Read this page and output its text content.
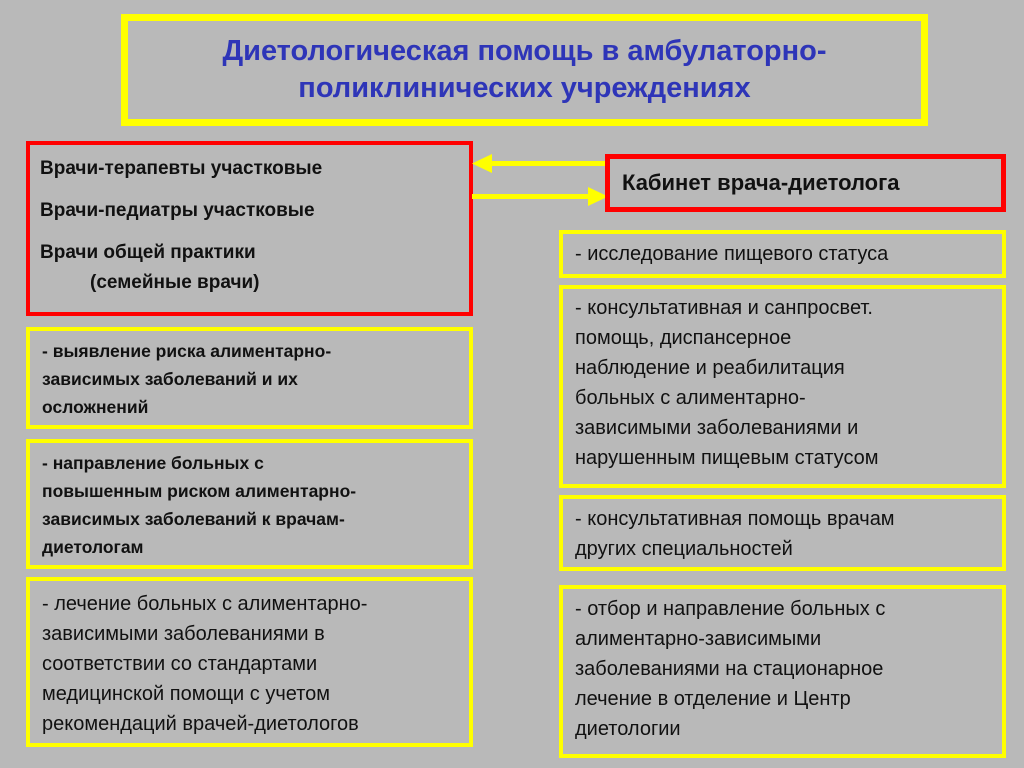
Диетологическая помощь в амбулаторно-
поликлинических учреждениях
Врачи-терапевты участковые
Врачи-педиатры участковые
Врачи общей практики
(семейные врачи)
Кабинет врача-диетолога
- выявление риска алиментарно-
зависимых заболеваний и их
осложнений
- направление больных с
повышенным риском алиментарно-
зависимых заболеваний к врачам-
диетологам
- лечение больных с алиментарно-
зависимыми заболеваниями в
соответствии со стандартами
медицинской помощи с учетом
рекомендаций врачей-диетологов
- исследование пищевого статуса
- консультативная и санпросвет.
помощь, диспансерное
наблюдение и реабилитация
больных с алиментарно-
зависимыми заболеваниями и
нарушенным пищевым статусом
- консультативная помощь врачам
других специальностей
- отбор и направление больных с
алиментарно-зависимыми
заболеваниями на стационарное
лечение в отделение и Центр
диетологии
